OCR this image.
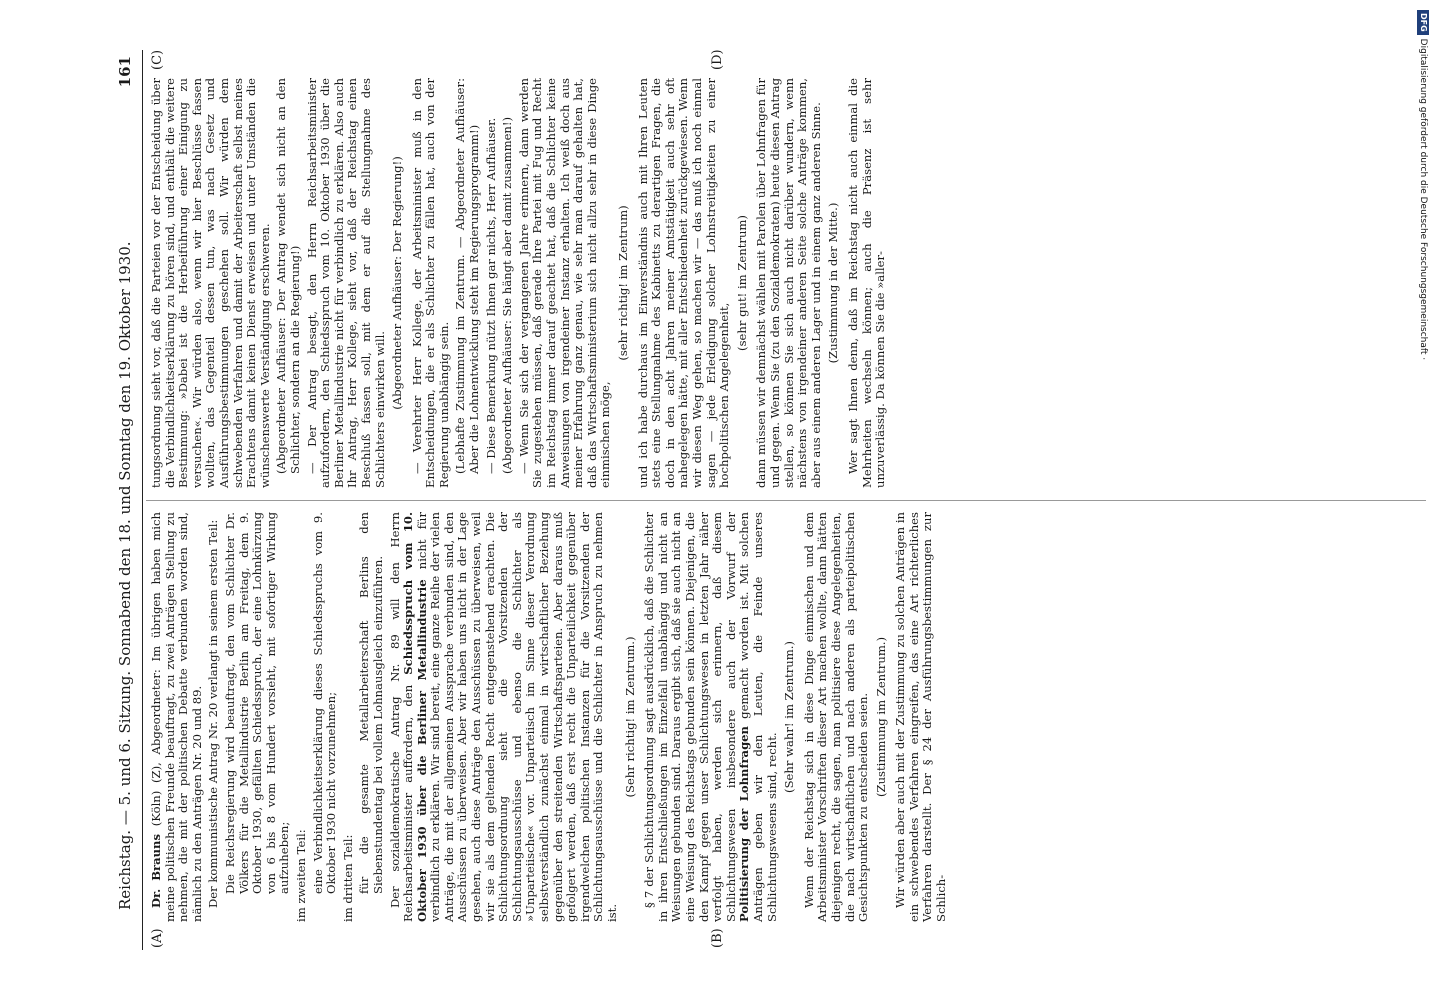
Reichstag. — 5. und 6. Sitzung. Sonnabend den 18. und Sonntag den 19. Oktober 1930.
161
(A)	(B)
(C)	(D)

Dr. Brauns (Köln) (Z), Abgeordneter: Im übrigen haben mich meine politischen Freunde beauftragt, zu zwei Anträgen Stellung zu nehmen, die mit der politischen Debatte verbunden worden sind, nämlich zu den Anträgen Nr. 20 und 89. Der kommunistische Antrag Nr. 20 verlangt in seinem ersten Teil: Die Reichsregierung wird beauftragt, den vom Schlichter Dr. Völkers für die Metallindustrie Berlin am Freitag, dem 9. Oktober 1930, gefällten Schiedsspruch, der eine Lohnkürzung von 6 bis 8 vom Hundert vorsieht, mit sofortiger Wirkung aufzuheben; im zweiten Teil: eine Verbindlichkeitserklärung dieses Schiedsspruchs vom 9. Oktober 1930 nicht vorzunehmen; im dritten Teil: für die gesamte Metallarbeiterschaft Berlins den Siebenstundentag bei vollem Lohnausgleich einzuführen. Der sozialdemokratische Antrag Nr. 89 will den Herrn Reichsarbeitsminister auffordern, den Schiedsspruch vom 10. Oktober 1930 über die Berliner Metallindustrie nicht für verbindlich zu erklären. Wir sind bereit, eine ganze Reihe der vielen Anträge, die mit der allgemeinen Aussprache verbunden sind, den Ausschüssen zu überweisen. Aber wir haben uns nicht in der Lage gesehen, auch diese Anträge den Ausschüssen zu überweisen, weil wir sie als dem geltenden Recht entgegenstehend erachten. Die Schlichtungsordnung sieht die Vorsitzenden der Schlichtungsausschüsse und ebenso die Schlichter als »Unparteiische« vor. Unparteiisch im Sinne dieser Verordnung selbstverständlich zunächst einmal in wirtschaftlicher Beziehung gegenüber den streitenden Wirtschaftsparteien. Aber daraus muß gefolgert werden, daß erst recht die Unparteilichkeit gegenüber irgendwelchen politischen Instanzen für die Vorsitzenden der Schlichtungsausschüsse und die Schlichter in Anspruch zu nehmen ist.

(Sehr richtig! im Zentrum.) § 7 der Schlichtungsordnung sagt ausdrücklich, daß die Schlichter in ihren Entschließungen im Einzelfall unabhängig und nicht an Weisungen gebunden sind. Daraus ergibt sich, daß sie auch nicht an eine Weisung des Reichstags gebunden sein können. Diejenigen, die den Kampf gegen unser Schlichtungswesen in letzten Jahr näher verfolgt haben, werden sich erinnern, daß diesem Schlichtungswesen insbesondere auch der Vorwurf der Politisierung der Lohnfragen gemacht worden ist. Mit solchen Anträgen geben wir den Leuten, die Feinde unseres Schlichtungswesens sind, recht.

(Sehr wahr! im Zentrum.) Wenn der Reichstag sich in diese Dinge einmischen und dem Arbeitsminister Vorschriften dieser Art machen wollte, dann hätten diejenigen recht, die sagen, man politisiere diese Angelegenheiten, die nach wirtschaftlichen und nach anderen als parteipolitischen Gesichtspunkten zu entscheiden seien. (Zustimmung im Zentrum.) Wir würden aber auch mit der Zustimmung zu solchen Anträgen in ein schwebendes Verfahren eingreifen, das eine Art richterliches Verfahren darstellt. Der § 24 der Ausführungsbestimmungen zur Schlich-

tungsordnung sieht vor, daß die Parteien vor der Entscheidung über die Verbindlichkeitserklärung zu hören sind, und enthält die weitere Bestimmung: »Dabei ist die Herbeiführung einer Einigung zu versuchen«. Wir würden also, wenn wir hier Beschlüsse fassen wollten, das Gegenteil dessen tun, was nach Gesetz und Ausführungsbestimmungen geschehen soll. Wir würden dem schwebenden Verfahren und damit der Arbeiterschaft selbst meines Erachtens damit keinen Dienst erweisen und unter Umständen die wünschenswerte Verständigung erschweren. (Abgeordneter Aufhäuser: Der Antrag wendet sich nicht an den Schlichter, sondern an die Regierung!) — Der Antrag besagt, den Herrn Reichsarbeitsminister aufzufordern, den Schiedsspruch vom 10. Oktober 1930 über die Berliner Metallindustrie nicht für verbindlich zu erklären. Also auch Ihr Antrag, Herr Kollege, sieht vor, daß der Reichstag einen Beschluß fassen soll, mit dem er auf die Stellungnahme des Schlichters einwirken will. (Abgeordneter Aufhäuser: Der Regierung!) — Verehrter Herr Kollege, der Arbeitsminister muß in den Entscheidungen, die er als Schlichter zu fällen hat, auch von der Regierung unabhängig sein. (Lebhafte Zustimmung im Zentrum. — Abgeordneter Aufhäuser: Aber die Lohnentwicklung steht im Regierungsprogramm!) — Diese Bemerkung nützt Ihnen gar nichts, Herr Aufhäuser. (Abgeordneter Aufhäuser: Sie hängt aber damit zusammen!) — Wenn Sie sich der vergangenen Jahre erinnern, dann werden Sie zugestehen müssen, daß gerade Ihre Partei mit Fug und Recht im Reichstag immer darauf geachtet hat, daß die Schlichter keine Anweisungen von irgendeiner Instanz erhalten. Ich weiß doch aus meiner Erfahrung ganz genau, wie sehr man darauf gehalten hat, daß das Wirtschaftsministerium sich nicht allzu sehr in diese Dinge einmischen möge,

(sehr richtig! im Zentrum) und ich habe durchaus im Einverständnis auch mit Ihren Leuten stets eine Stellungnahme des Kabinetts zu derartigen Fragen, die doch in den acht Jahren meiner Amtstätigkeit auch sehr oft nahegelegen hätte, mit aller Entschiedenheit zurückgewiesen. Wenn wir diesen Weg gehen, so machen wir — das muß ich noch einmal sagen — jede Erledigung solcher Lohnstreitigkeiten zu einer hochpolitischen Angelegenheit,

(sehr gut! im Zentrum) dann müssen wir demnächst wählen mit Parolen über Lohnfragen für und gegen. Wenn Sie (zu den Sozialdemokraten) heute diesen Antrag stellen, so können Sie sich auch nicht darüber wundern, wenn nächstens von irgendeiner anderen Seite solche Anträge kommen, aber aus einem anderen Lager und in einem ganz anderen Sinne. (Zustimmung in der Mitte.) Wer sagt Ihnen denn, daß im Reichstag nicht auch einmal die Mehrheiten wechseln können; auch die Präsenz ist sehr unzuverlässig. Da können Sie die »aller-

DFGDigitalisierung gefördert durch die Deutsche Forschungsgemeinschaft ·
